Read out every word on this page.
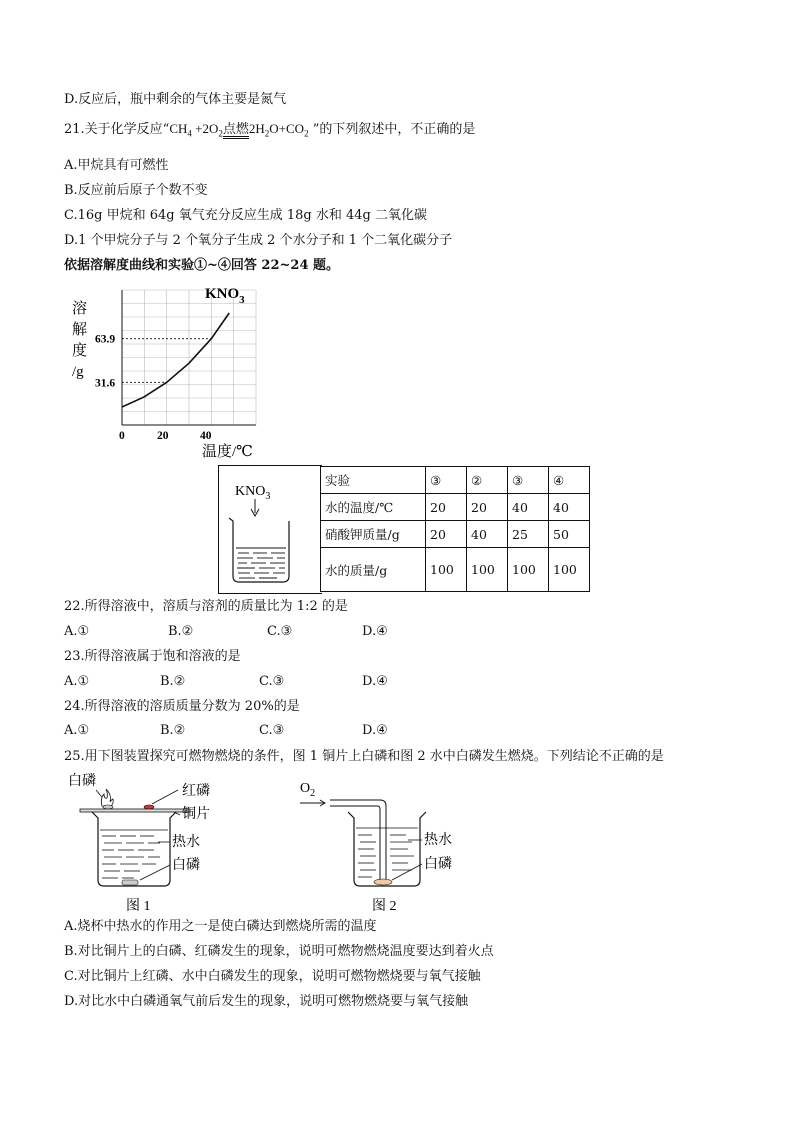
D.反应后，瓶中剩余的气体主要是氮气
21.关于化学反应“$CH_4 +2O_2$点燃$2H_2O+CO_2$ ”的下列叙述中，不正确的是
A.甲烷具有可燃性
B.反应前后原子个数不变
C.16g 甲烷和 64g 氧气充分反应生成 18g 水和 44g 二氧化碳
D.1 个甲烷分子与 2 个氧分子生成 2 个水分子和 1 个二氧化碳分子
依据溶解度曲线和实验①~④回答 22~24 题。
溶
解
度
/g
$KNO_3$
63.9
31.6
0	20	40
温度/℃
$KNO_3$
实验	③	②	③	④
水的温度/℃	20	20	40	40
硝酸钾质量/g	20	40	25	50
水的质量/g	100	100	100	100
22.所得溶液中，溶质与溶剂的质量比为 1:2 的是
A.①	B.②	C.③	D.④
23.所得溶液属于饱和溶液的是
A.①	B.②	C.③	D.④
24.所得溶液的溶质质量分数为 20%的是
A.①	B.②	C.③	D.④
25.用下图装置探究可燃物燃烧的条件，图 1 铜片上白磷和图 2 水中白磷发生燃烧。下列结论不正确的是
白磷
红磷
铜片
热水
白磷
图 1
$O_2$
热水
白磷
图 2
A.烧杯中热水的作用之一是使白磷达到燃烧所需的温度
B.对比铜片上的白磷、红磷发生的现象，说明可燃物燃烧温度要达到着火点
C.对比铜片上红磷、水中白磷发生的现象，说明可燃物燃烧要与氧气接触
D.对比水中白磷通氧气前后发生的现象，说明可燃物燃烧要与氧气接触
